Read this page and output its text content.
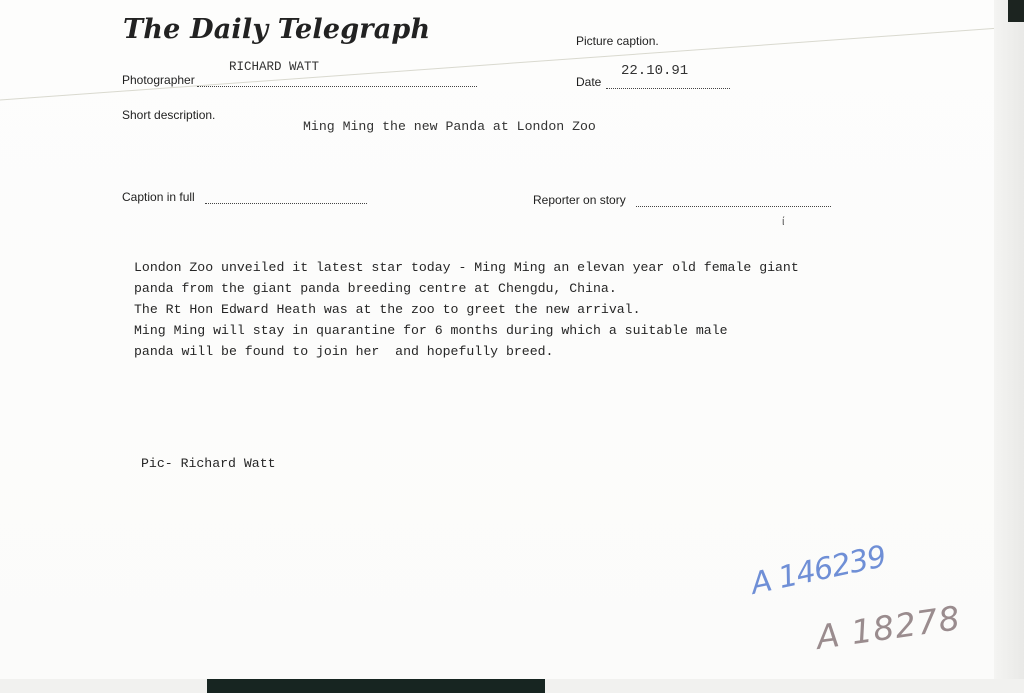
The Daily Telegraph	Picture caption.
Photographer
RICHARD WATT
Date
22.10.91
Short description.
Ming Ming the new Panda at London Zoo
Caption in full	Reporter on story
ί
London Zoo unveiled it latest star today - Ming Ming an elevan year old female giant
panda from the giant panda breeding centre at Chengdu, China.
The Rt Hon Edward Heath was at the zoo to greet the new arrival.
Ming Ming will stay in quarantine for 6 months during which a suitable male
panda will be found to join her  and hopefully breed.
Pic- Richard Watt
A 146239
A 18278
